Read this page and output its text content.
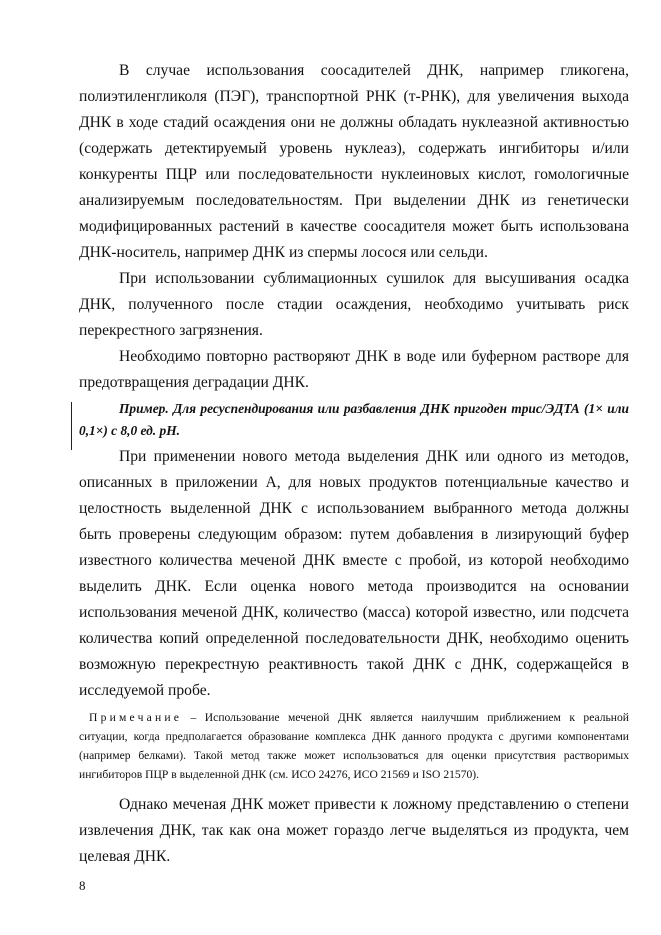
В случае использования соосадителей ДНК, например гликогена, полиэтиленгликоля (ПЭГ), транспортной РНК (т-РНК), для увеличения выхода ДНК в ходе стадий осаждения они не должны обладать нуклеазной активностью (содержать детектируемый уровень нуклеаз), содержать ингибиторы и/или конкуренты ПЦР или последовательности нуклеиновых кислот, гомологичные анализируемым последовательностям. При выделении ДНК из генетически модифицированных растений в качестве соосадителя может быть использована ДНК-носитель, например ДНК из спермы лосося или сельди.

При использовании сублимационных сушилок для высушивания осадка ДНК, полученного после стадии осаждения, необходимо учитывать риск перекрестного загрязнения.

Необходимо повторно растворяют ДНК в воде или буферном растворе для предотвращения деградации ДНК.

Пример. Для ресуспендирования или разбавления ДНК пригоден трис/ЭДТА (1× или 0,1×) с 8,0 ед. рН.

При применении нового метода выделения ДНК или одного из методов, описанных в приложении А, для новых продуктов потенциальные качество и целостность выделенной ДНК с использованием выбранного метода должны быть проверены следующим образом: путем добавления в лизирующий буфер известного количества меченой ДНК вместе с пробой, из которой необходимо выделить ДНК. Если оценка нового метода производится на основании использования меченой ДНК, количество (масса) которой известно, или подсчета количества копий определенной последовательности ДНК, необходимо оценить возможную перекрестную реактивность такой ДНК с ДНК, содержащейся в исследуемой пробе.

Примечание – Использование меченой ДНК является наилучшим приближением к реальной ситуации, когда предполагается образование комплекса ДНК данного продукта с другими компонентами (например белками). Такой метод также может использоваться для оценки присутствия растворимых ингибиторов ПЦР в выделенной ДНК (см. ИСО 24276, ИСО 21569 и ISO 21570).

Однако меченая ДНК может привести к ложному представлению о степени извлечения ДНК, так как она может гораздо легче выделяться из продукта, чем целевая ДНК.

8
